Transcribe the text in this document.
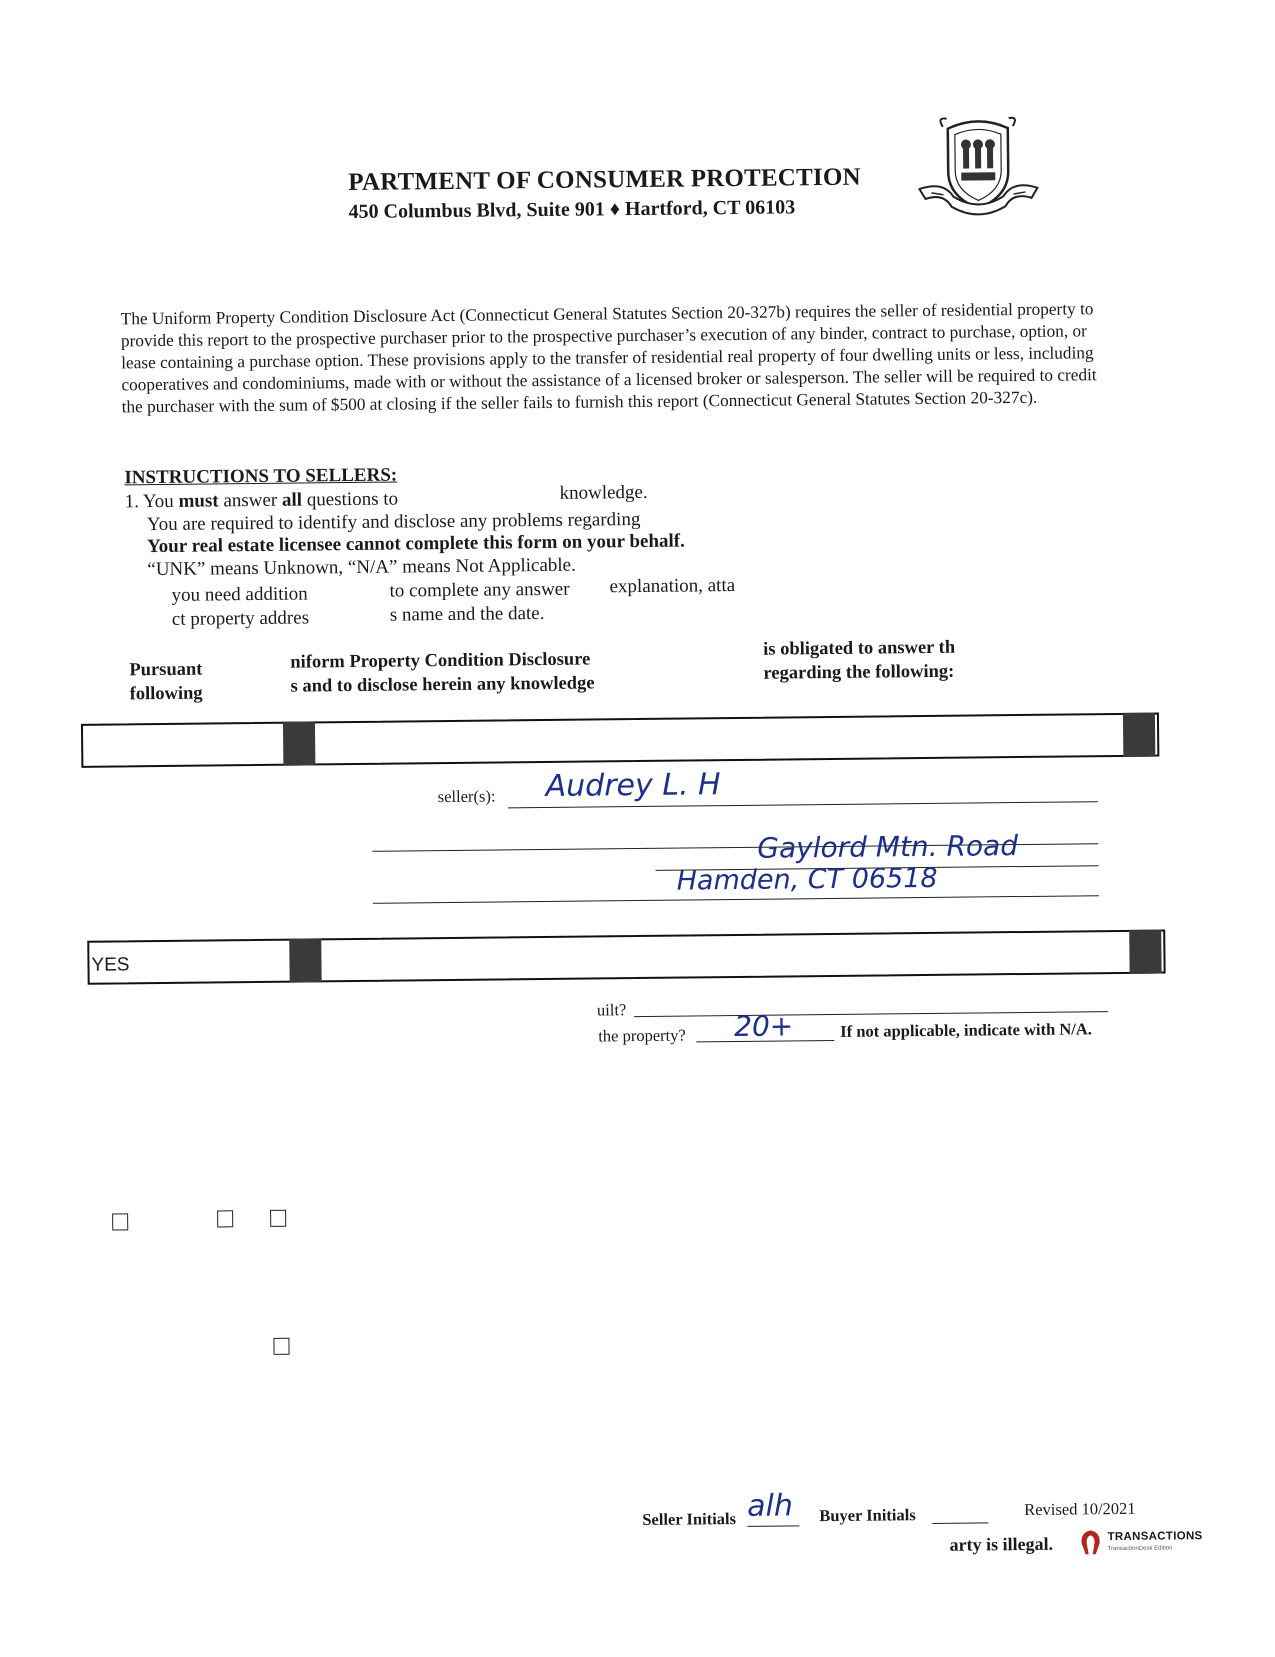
PARTMENT OF CONSUMER PROTECTION
450 Columbus Blvd, Suite 901 ♦ Hartford, CT 06103
The Uniform Property Condition Disclosure Act (Connecticut General Statutes Section 20-327b) requires the seller of residential property to provide this report to the prospective purchaser prior to the prospective purchaser’s execution of any binder, contract to purchase, option, or lease containing a purchase option. These provisions apply to the transfer of residential real property of four dwelling units or less, including cooperatives and condominiums, made with or without the assistance of a licensed broker or salesperson. The seller will be required to credit the purchaser with the sum of $500 at closing if the seller fails to furnish this report (Connecticut General Statutes Section 20-327c).
INSTRUCTIONS TO SELLERS:
1. You must answer all questions to	knowledge.
You are required to identify and disclose any problems regarding
Your real estate licensee cannot complete this form on your behalf.
“UNK” means Unknown, “N/A” means Not Applicable.
you need addition	to complete any answer explanation, atta
ct property addres	s name and the date.
Pursuant
following
niform Property Condition Disclosure
s and to disclose herein any knowledge
is obligated to answer th
regarding the following:
seller(s): Audrey L. H
Gaylord Mtn. Road
Hamden, CT 06518
YES
uilt?
the property? 20+	If not applicable, indicate with N/A.
Seller Initials alh Buyer Initials	Revised 10/2021
arty is illegal.	TRANSACTIONS
TransactionDesk Edition
